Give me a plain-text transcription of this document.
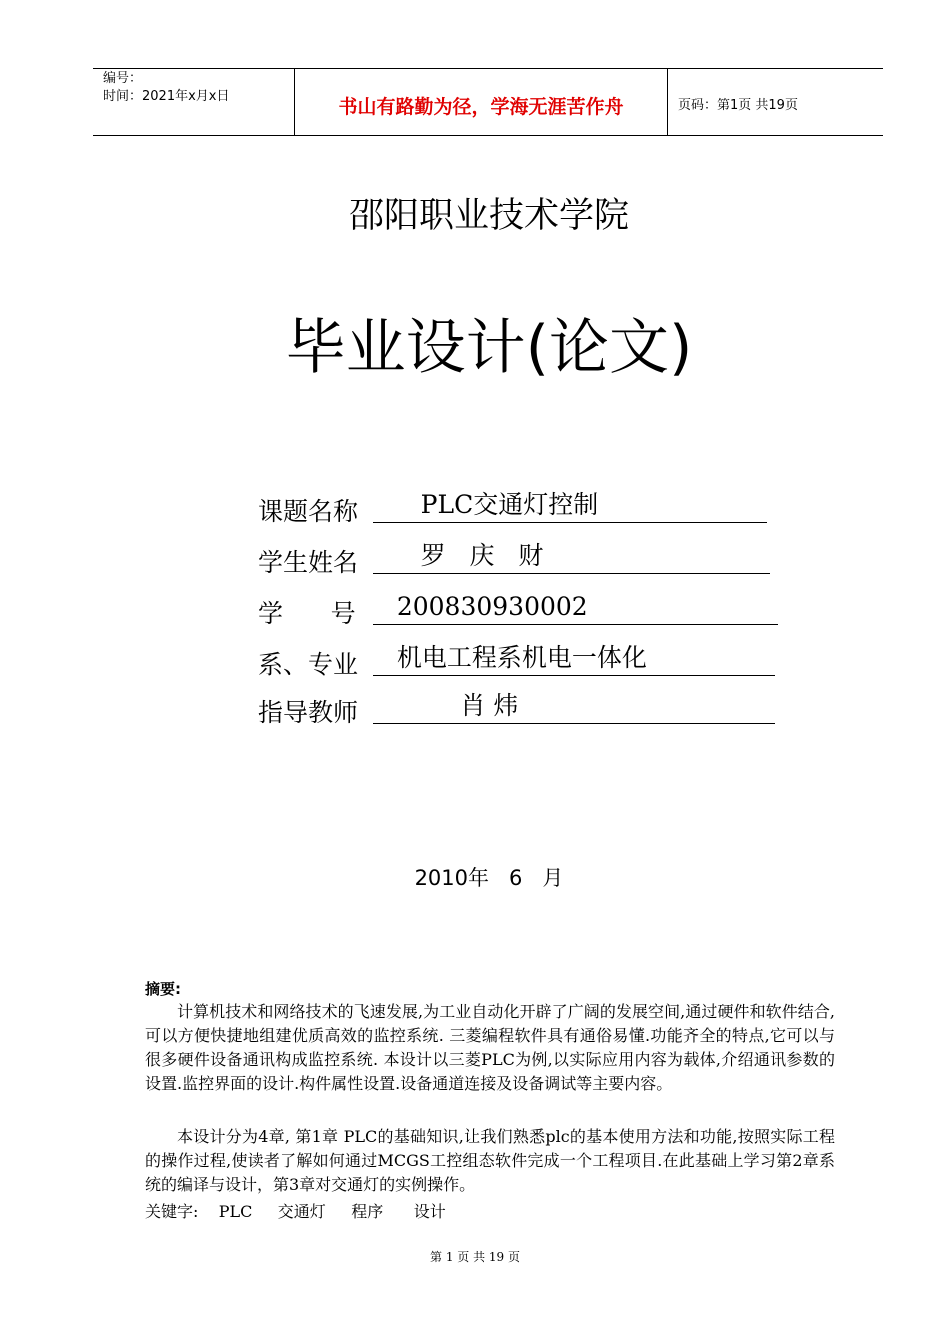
编号：
时间：2021年x月x日	书山有路勤为径，学海无涯苦作舟	页码：第1页 共19页
邵阳职业技术学院
毕业设计(论文)
课题名称 PLC交通灯控制
学生姓名 罗   庆   财
学      号 200830930002
系、专业 机电工程系机电一体化
指导教师 肖 炜
2010年   6   月
摘要:
计算机技术和网络技术的飞速发展,为工业自动化开辟了广阔的发展空间,通过硬件和软件结合,可以方便快捷地组建优质高效的监控系统. 三菱编程软件具有通俗易懂.功能齐全的特点,它可以与很多硬件设备通讯构成监控系统. 本设计以三菱PLC为例,以实际应用内容为载体,介绍通讯参数的设置.监控界面的设计.构件属性设置.设备通道连接及设备调试等主要内容。
本设计分为4章, 第1章 PLC的基础知识,让我们熟悉plc的基本使用方法和功能,按照实际工程的操作过程,使读者了解如何通过MCGS工控组态软件完成一个工程项目.在此基础上学习第2章系统的编译与设计，第3章对交通灯的实例操作。
关键字:    PLC     交通灯     程序      设计
第 1 页 共 19 页
